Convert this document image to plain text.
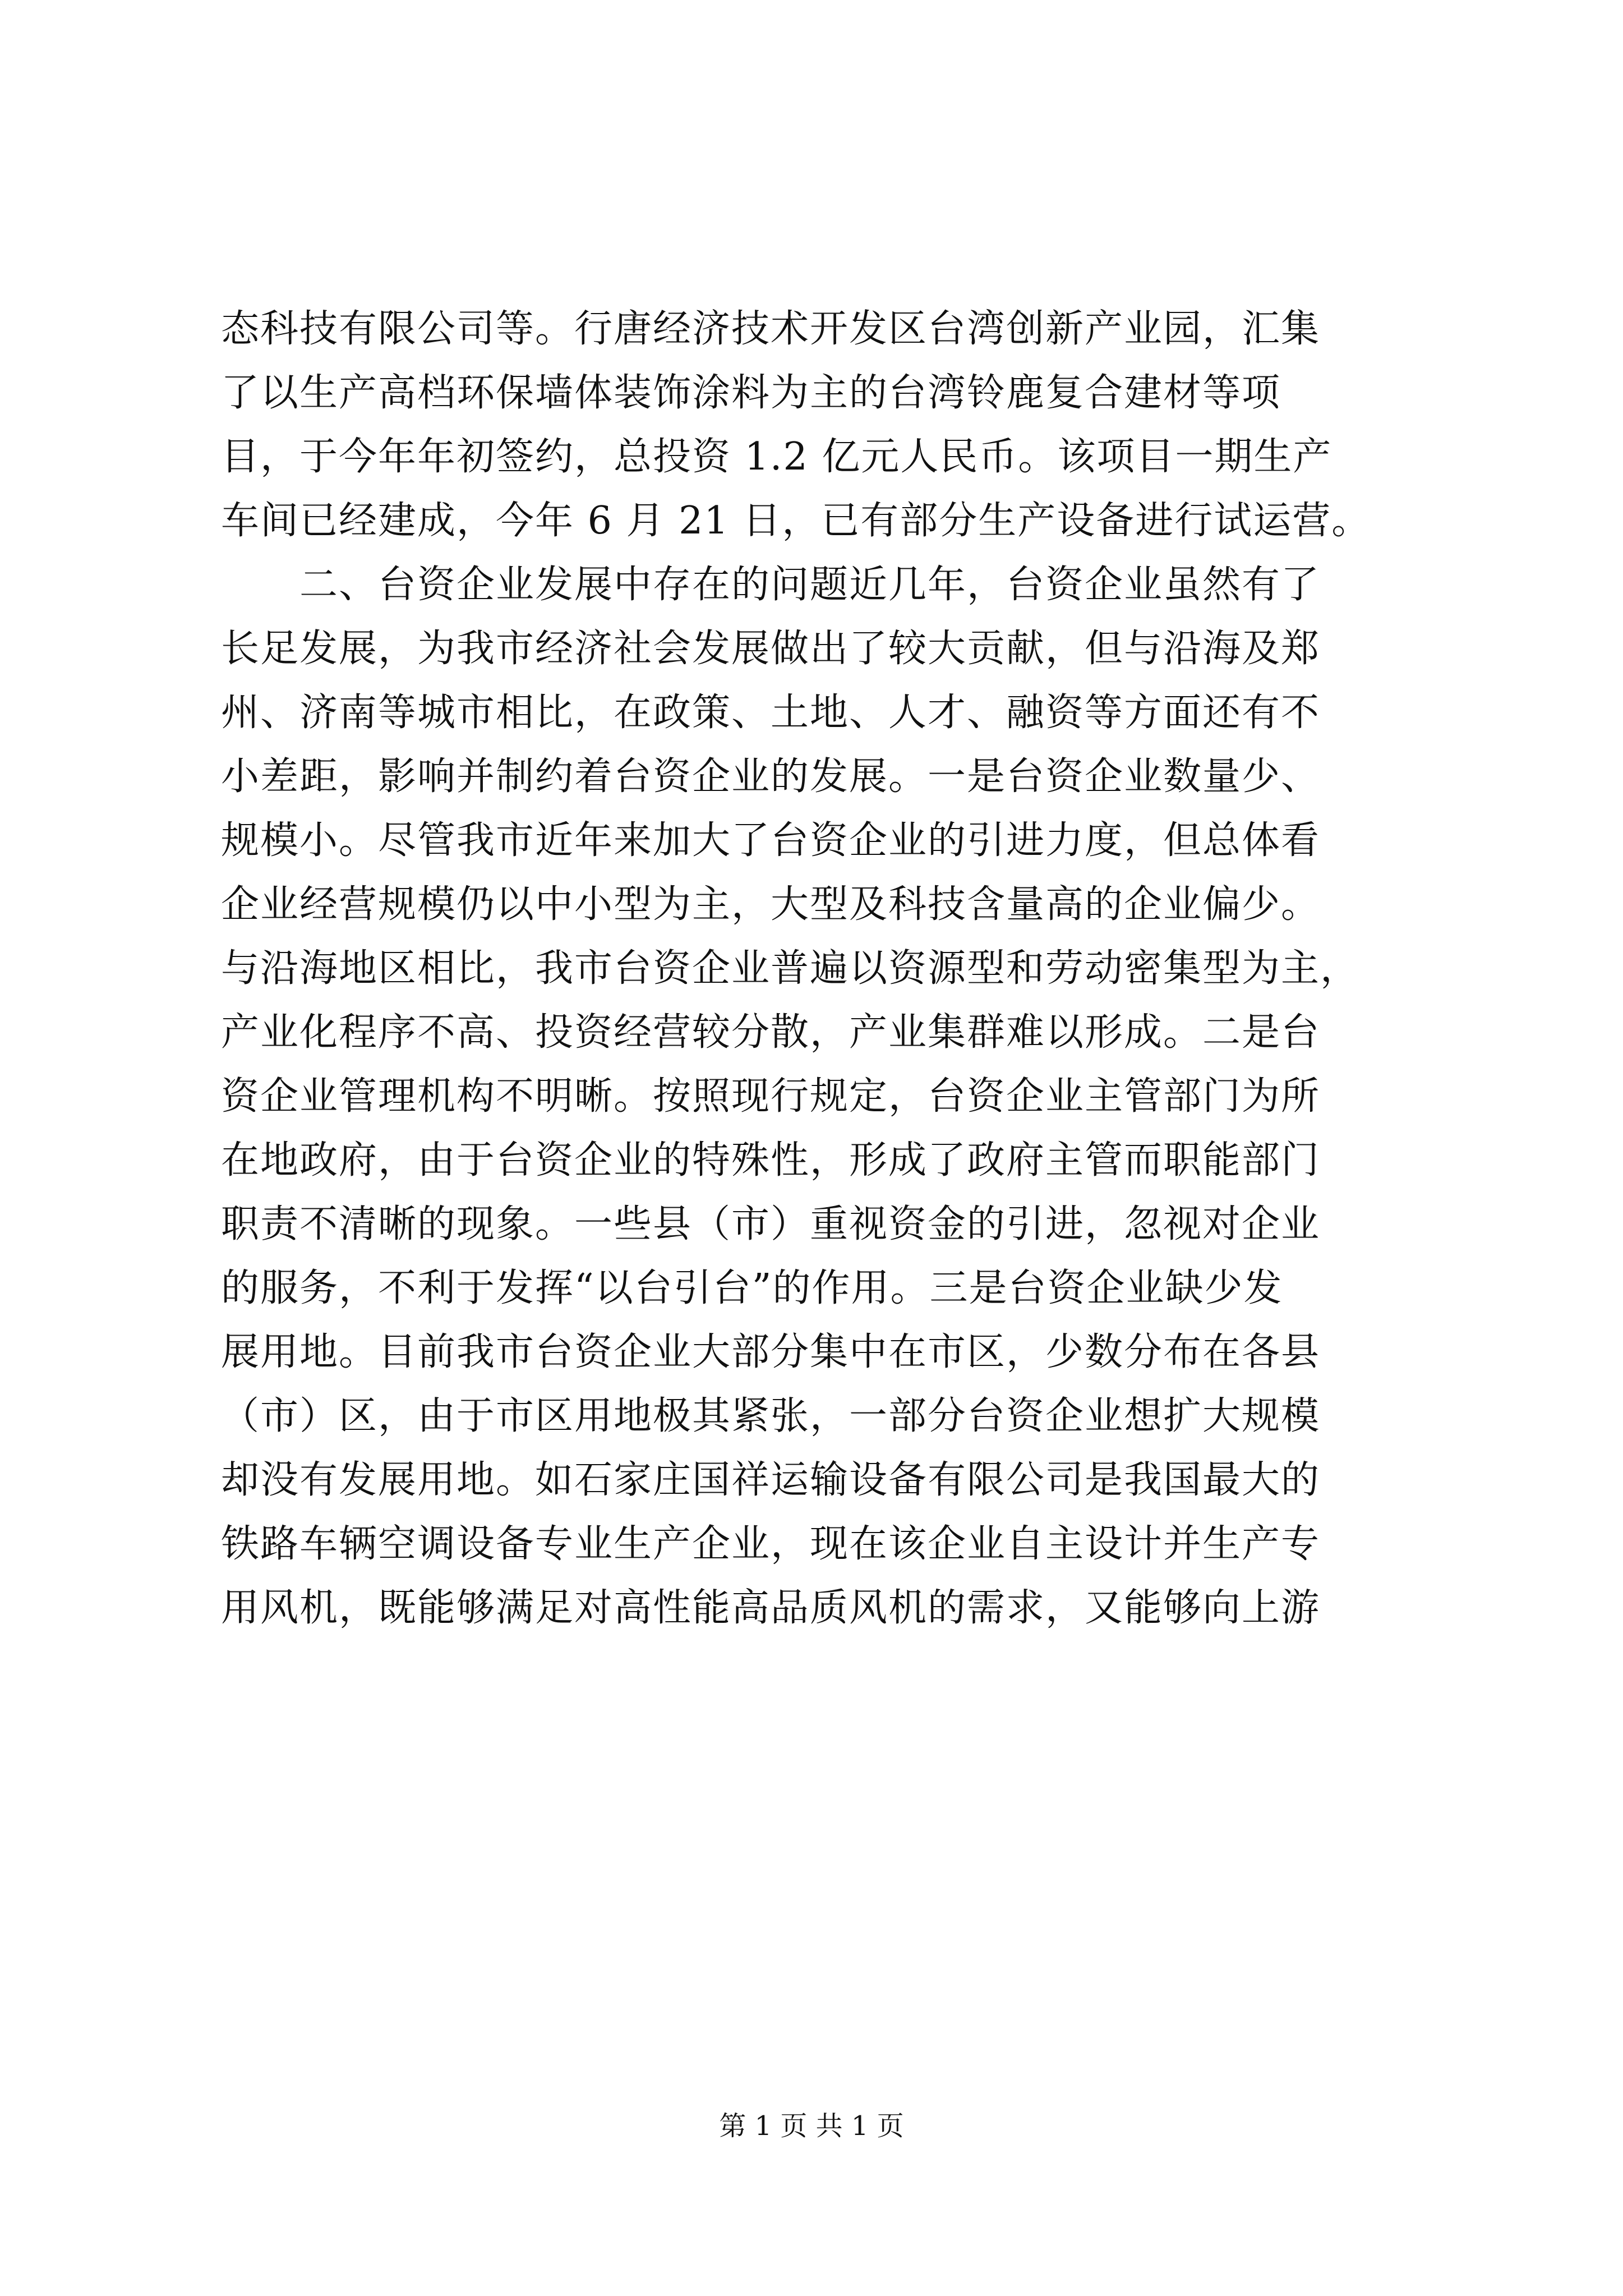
态科技有限公司等。行唐经济技术开发区台湾创新产业园，汇集
了以生产高档环保墙体装饰涂料为主的台湾铃鹿复合建材等项
目，于今年年初签约，总投资 1.2 亿元人民币。该项目一期生产
车间已经建成，今年 6 月 21 日，已有部分生产设备进行试运营。
　　二、台资企业发展中存在的问题近几年，台资企业虽然有了
长足发展，为我市经济社会发展做出了较大贡献，但与沿海及郑
州、济南等城市相比，在政策、土地、人才、融资等方面还有不
小差距，影响并制约着台资企业的发展。一是台资企业数量少、
规模小。尽管我市近年来加大了台资企业的引进力度，但总体看
企业经营规模仍以中小型为主，大型及科技含量高的企业偏少。
与沿海地区相比，我市台资企业普遍以资源型和劳动密集型为主，
产业化程序不高、投资经营较分散，产业集群难以形成。二是台
资企业管理机构不明晰。按照现行规定，台资企业主管部门为所
在地政府，由于台资企业的特殊性，形成了政府主管而职能部门
职责不清晰的现象。一些县（市）重视资金的引进，忽视对企业
的服务，不利于发挥“以台引台”的作用。三是台资企业缺少发
展用地。目前我市台资企业大部分集中在市区，少数分布在各县
（市）区，由于市区用地极其紧张，一部分台资企业想扩大规模
却没有发展用地。如石家庄国祥运输设备有限公司是我国最大的
铁路车辆空调设备专业生产企业，现在该企业自主设计并生产专
用风机，既能够满足对高性能高品质风机的需求，又能够向上游
第 1 页 共 1 页
